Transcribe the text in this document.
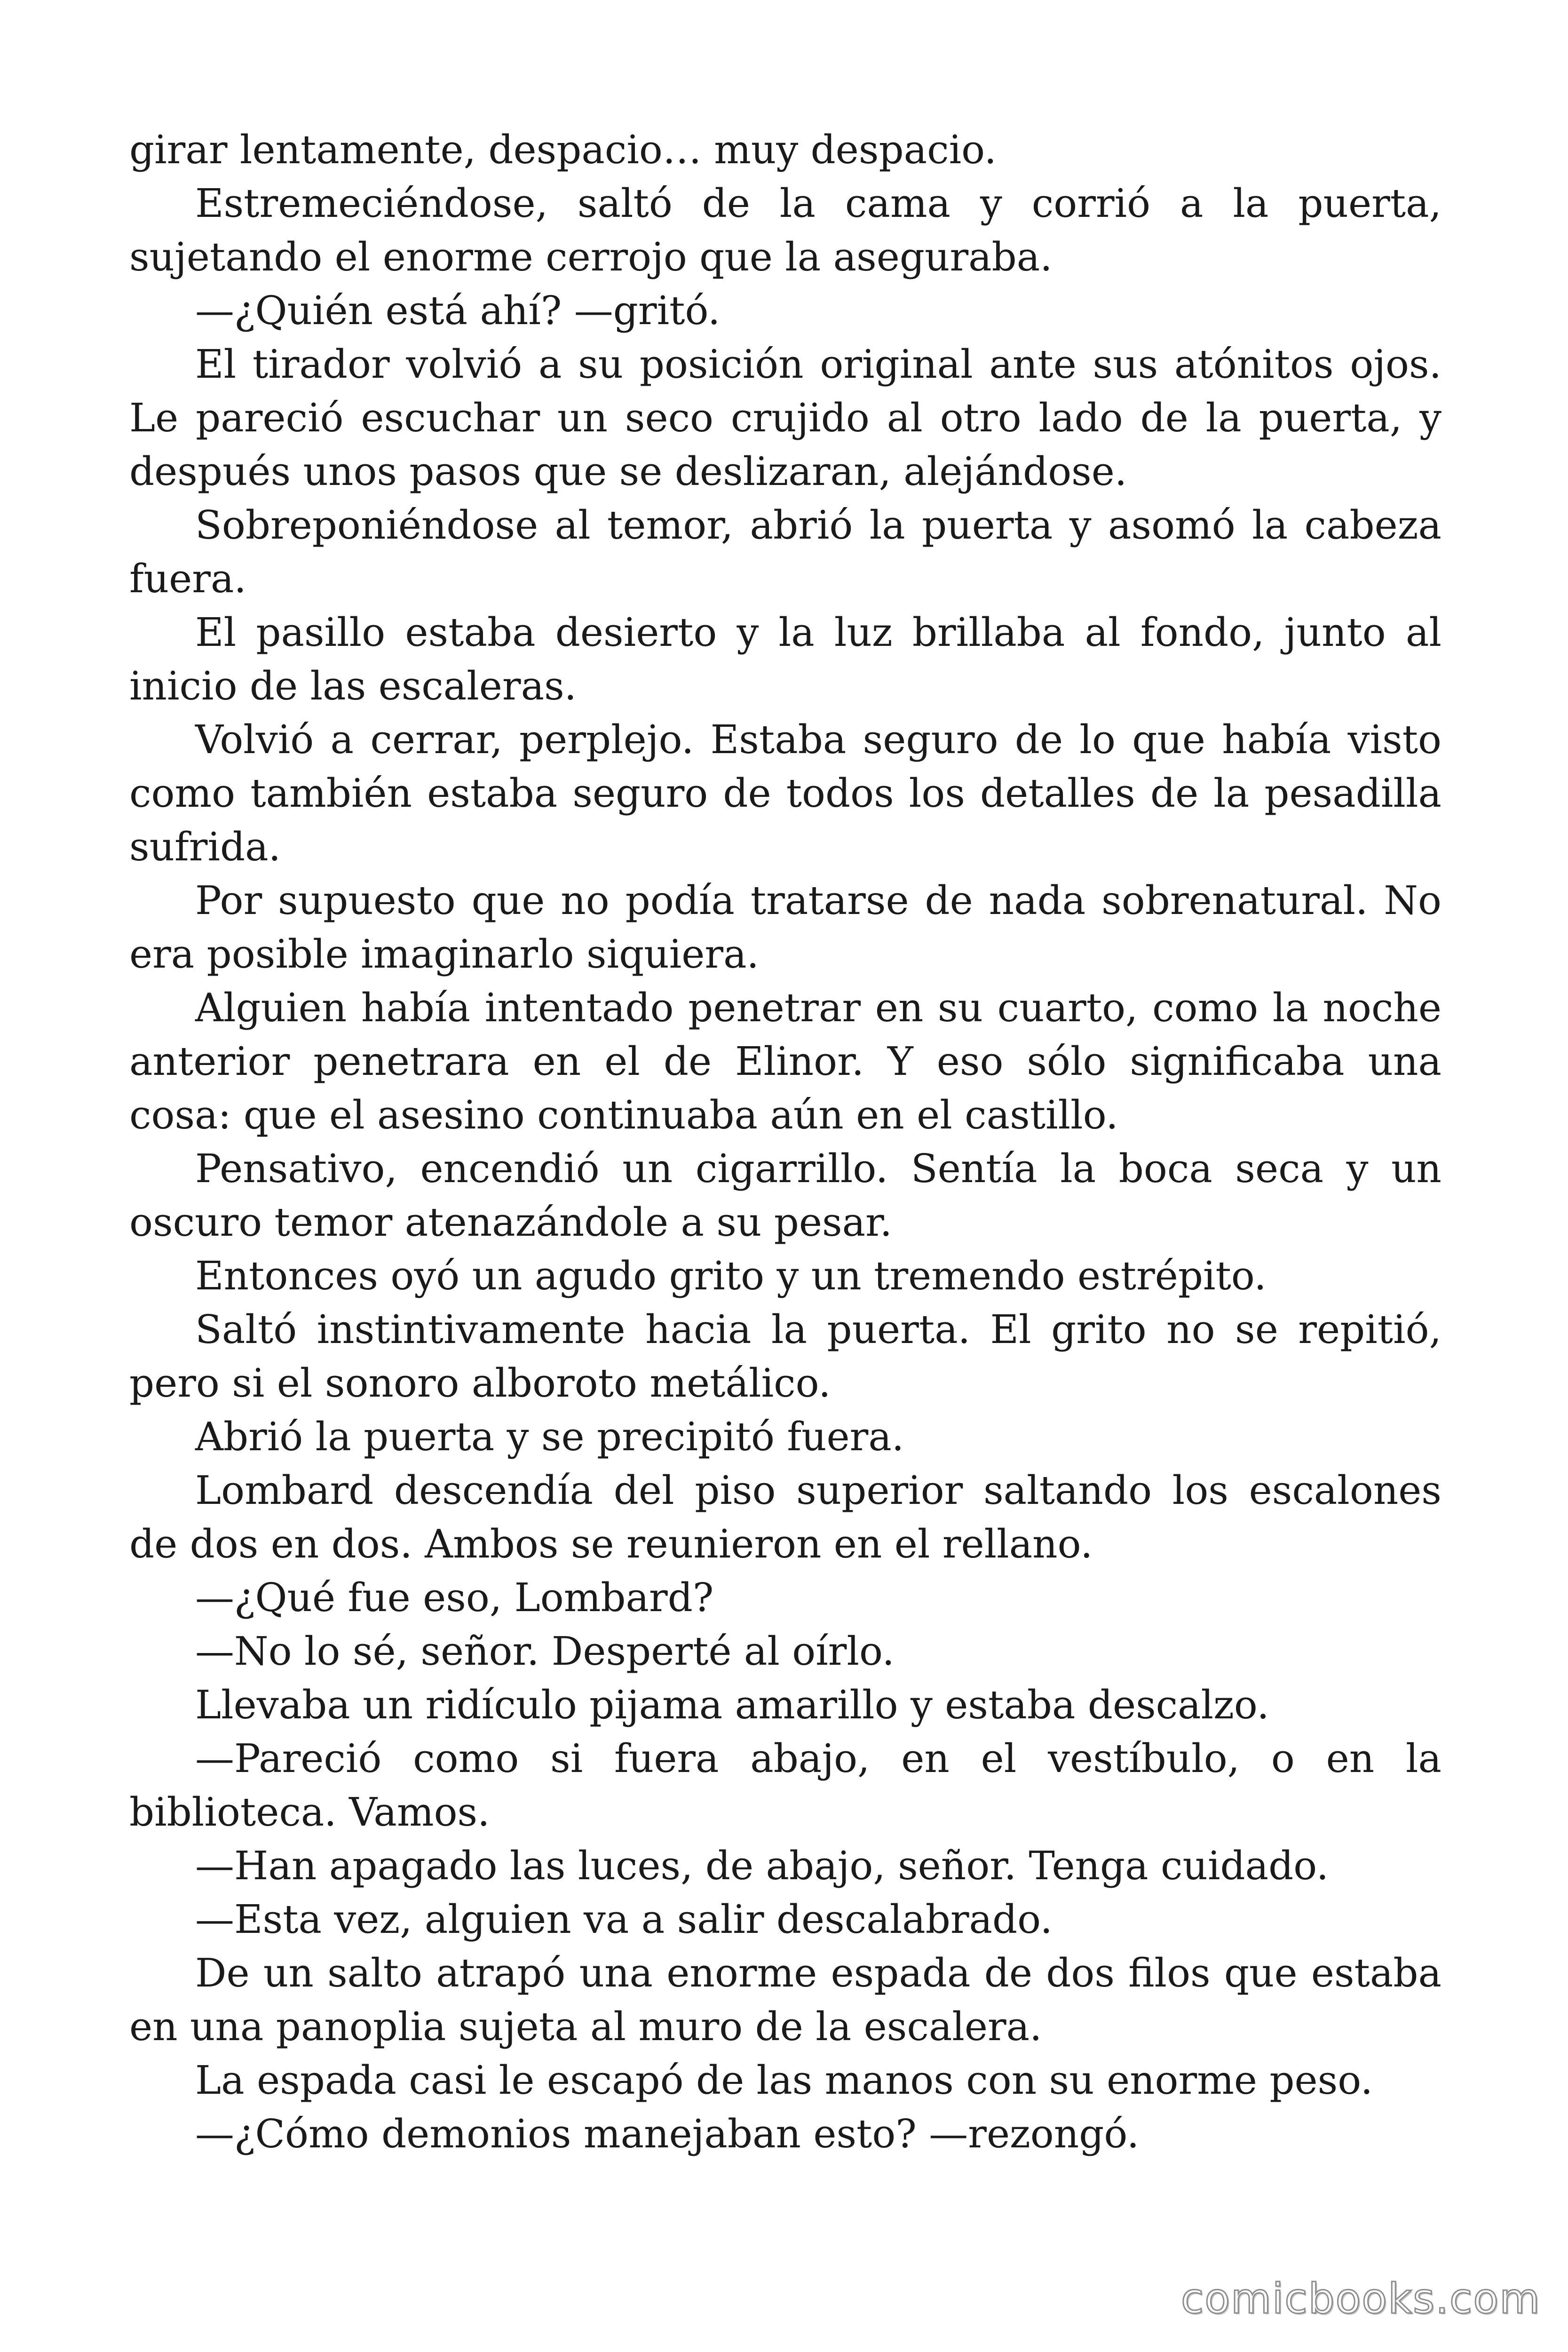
girar lentamente, despacio… muy despacio.

Estremeciéndose, saltó de la cama y corrió a la puerta, sujetando el enorme cerrojo que la aseguraba.

—¿Quién está ahí? —gritó.

El tirador volvió a su posición original ante sus atónitos ojos. Le pareció escuchar un seco crujido al otro lado de la puerta, y después unos pasos que se deslizaran, alejándose.

Sobreponiéndose al temor, abrió la puerta y asomó la cabeza fuera.

El pasillo estaba desierto y la luz brillaba al fondo, junto al inicio de las escaleras.

Volvió a cerrar, perplejo. Estaba seguro de lo que había visto como también estaba seguro de todos los detalles de la pesadilla sufrida.

Por supuesto que no podía tratarse de nada sobrenatural. No era posible imaginarlo siquiera.

Alguien había intentado penetrar en su cuarto, como la noche anterior penetrara en el de Elinor. Y eso sólo significaba una cosa: que el asesino continuaba aún en el castillo.

Pensativo, encendió un cigarrillo. Sentía la boca seca y un oscuro temor atenazándole a su pesar.

Entonces oyó un agudo grito y un tremendo estrépito.

Saltó instintivamente hacia la puerta. El grito no se repitió, pero si el sonoro alboroto metálico.

Abrió la puerta y se precipitó fuera.

Lombard descendía del piso superior saltando los escalones de dos en dos. Ambos se reunieron en el rellano.

—¿Qué fue eso, Lombard?

—No lo sé, señor. Desperté al oírlo.

Llevaba un ridículo pijama amarillo y estaba descalzo.

—Pareció como si fuera abajo, en el vestíbulo, o en la biblioteca. Vamos.

—Han apagado las luces, de abajo, señor. Tenga cuidado.

—Esta vez, alguien va a salir descalabrado.

De un salto atrapó una enorme espada de dos filos que estaba en una panoplia sujeta al muro de la escalera.

La espada casi le escapó de las manos con su enorme peso.

—¿Cómo demonios manejaban esto? —rezongó.

comicbooks.com
